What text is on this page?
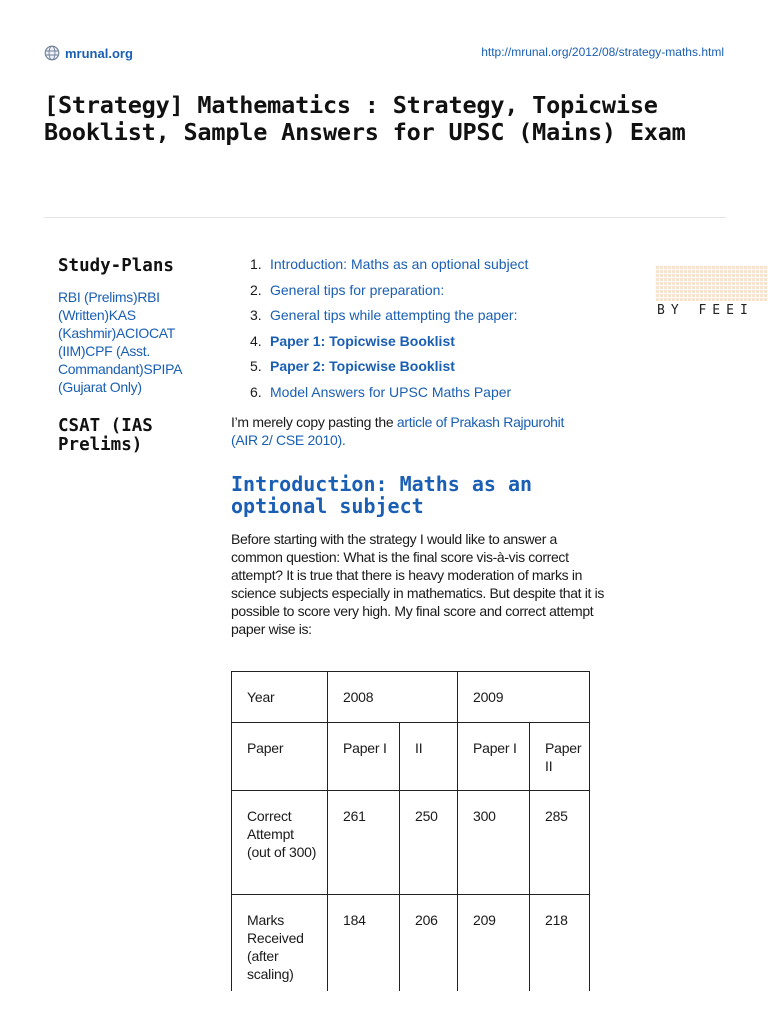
mrunal.org	http://mrunal.org/2012/08/strategy-maths.html
[Strategy] Mathematics : Strategy, Topicwise Booklist, Sample Answers for UPSC (Mains) Exam
Study-Plans
RBI (Prelims)RBI (Written)KAS (Kashmir)ACIOCAT (IIM)CPF (Asst. Commandant)SPIPA (Gujarat Only)
CSAT (IAS Prelims)
1. Introduction: Maths as an optional subject
2. General tips for preparation:
3. General tips while attempting the paper:
4. Paper 1: Topicwise Booklist
5. Paper 2: Topicwise Booklist
6. Model Answers for UPSC Maths Paper
BY FEEI

I’m merely copy pasting the article of Prakash Rajpurohit (AIR 2/ CSE 2010).

Introduction: Maths as an optional subject

Before starting with the strategy I would like to answer a common question: What is the final score vis-à-vis correct attempt? It is true that there is heavy moderation of marks in science subjects especially in mathematics. But despite that it is possible to score very high. My final score and correct attempt paper wise is:

Year	2008		2009	
Paper	Paper I	II	Paper I	Paper II
Correct Attempt (out of 300)	261	250	300	285
Marks Received (after scaling)	184	206	209	218
